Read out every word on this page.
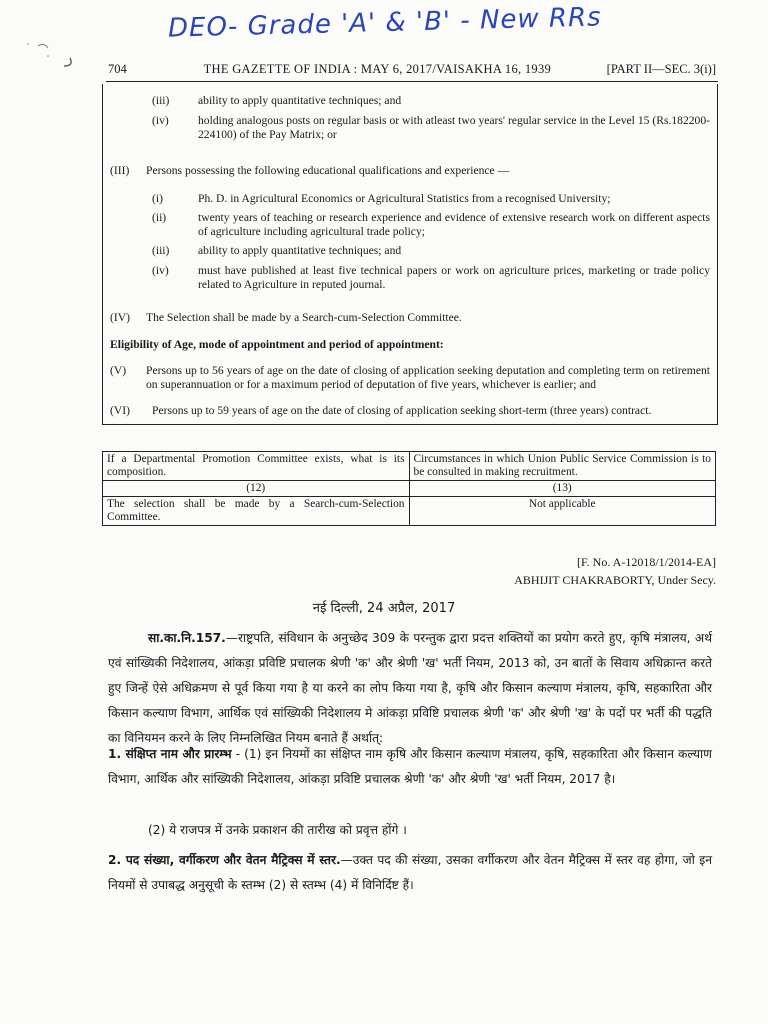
DEO- Grade 'A' & 'B' - New RRs
704	THE GAZETTE OF INDIA : MAY 6, 2017/VAISAKHA 16, 1939	[PART II—SEC. 3(i)]
(iii) ability to apply quantitative techniques; and
(iv)	holding analogous posts on regular basis or with atleast two years' regular service in the Level 15 (Rs.182200-224100) of the Pay Matrix; or
(III) Persons possessing the following educational qualifications and experience —
(i)	Ph. D. in Agricultural Economics or Agricultural Statistics from a recognised University;
(ii)	twenty years of teaching or research experience and evidence of extensive research work on different aspects of agriculture including agricultural trade policy;
(iii) ability to apply quantitative techniques; and
(iv)	must have published at least five technical papers or work on agriculture prices, marketing or trade policy related to Agriculture in reputed journal.
(IV) The Selection shall be made by a Search-cum-Selection Committee.
Eligibility of Age, mode of appointment and period of appointment:
(V) Persons up to 56 years of age on the date of closing of application seeking deputation and completing term on retirement on superannuation or for a maximum period of deputation of five years, whichever is earlier; and
(VI) Persons up to 59 years of age on the date of closing of application seeking short-term (three years) contract.
If a Departmental Promotion Committee exists, what is its composition.	Circumstances in which Union Public Service Commission is to be consulted in making recruitment.
(12)	(13)
The selection shall be made by a Search-cum-Selection Committee.	Not applicable
[F. No. A-12018/1/2014-EA]
ABHIJIT CHAKRABORTY, Under Secy.
नई दिल्ली, 24 अप्रैल, 2017
सा.का.नि.157.—राष्ट्रपति, संविधान के अनुच्छेद 309 के परन्तुक द्वारा प्रदत्त शक्तियों का प्रयोग करते हुए, कृषि मंत्रालय, अर्थ एवं सांख्यिकी निदेशालय, आंकड़ा प्रविष्टि प्रचालक श्रेणी 'क' और श्रेणी 'ख' भर्ती नियम, 2013 को, उन बातों के सिवाय अधिक्रान्त करते हुए जिन्हें ऐसे अधिक्रमण से पूर्व किया गया है या करने का लोप किया गया है, कृषि और किसान कल्याण मंत्रालय, कृषि, सहकारिता और किसान कल्याण विभाग, आर्थिक एवं सांख्यिकी निदेशालय मे आंकड़ा प्रविष्टि प्रचालक श्रेणी 'क' और श्रेणी 'ख' के पदों पर भर्ती की पद्धति का विनियमन करने के लिए निम्नलिखित नियम बनाते हैं अर्थात्:
1. संक्षिप्त नाम और प्रारम्भ - (1) इन नियमों का संक्षिप्त नाम कृषि और किसान कल्याण मंत्रालय, कृषि, सहकारिता और किसान कल्याण विभाग, आर्थिक और सांख्यिकी निदेशालय, आंकड़ा प्रविष्टि प्रचालक श्रेणी 'क' और श्रेणी 'ख' भर्ती नियम, 2017 है।
(2) ये राजपत्र में उनके प्रकाशन की तारीख को प्रवृत्त होंगे ।
2. पद संख्या, वर्गीकरण और वेतन मैट्रिक्स में स्तर.—उक्त पद की संख्या, उसका वर्गीकरण और वेतन मैट्रिक्स में स्तर वह होगा, जो इन नियमों से उपाबद्ध अनुसूची के स्तम्भ (2) से स्तम्भ (4) में विनिर्दिष्ट हैं।
